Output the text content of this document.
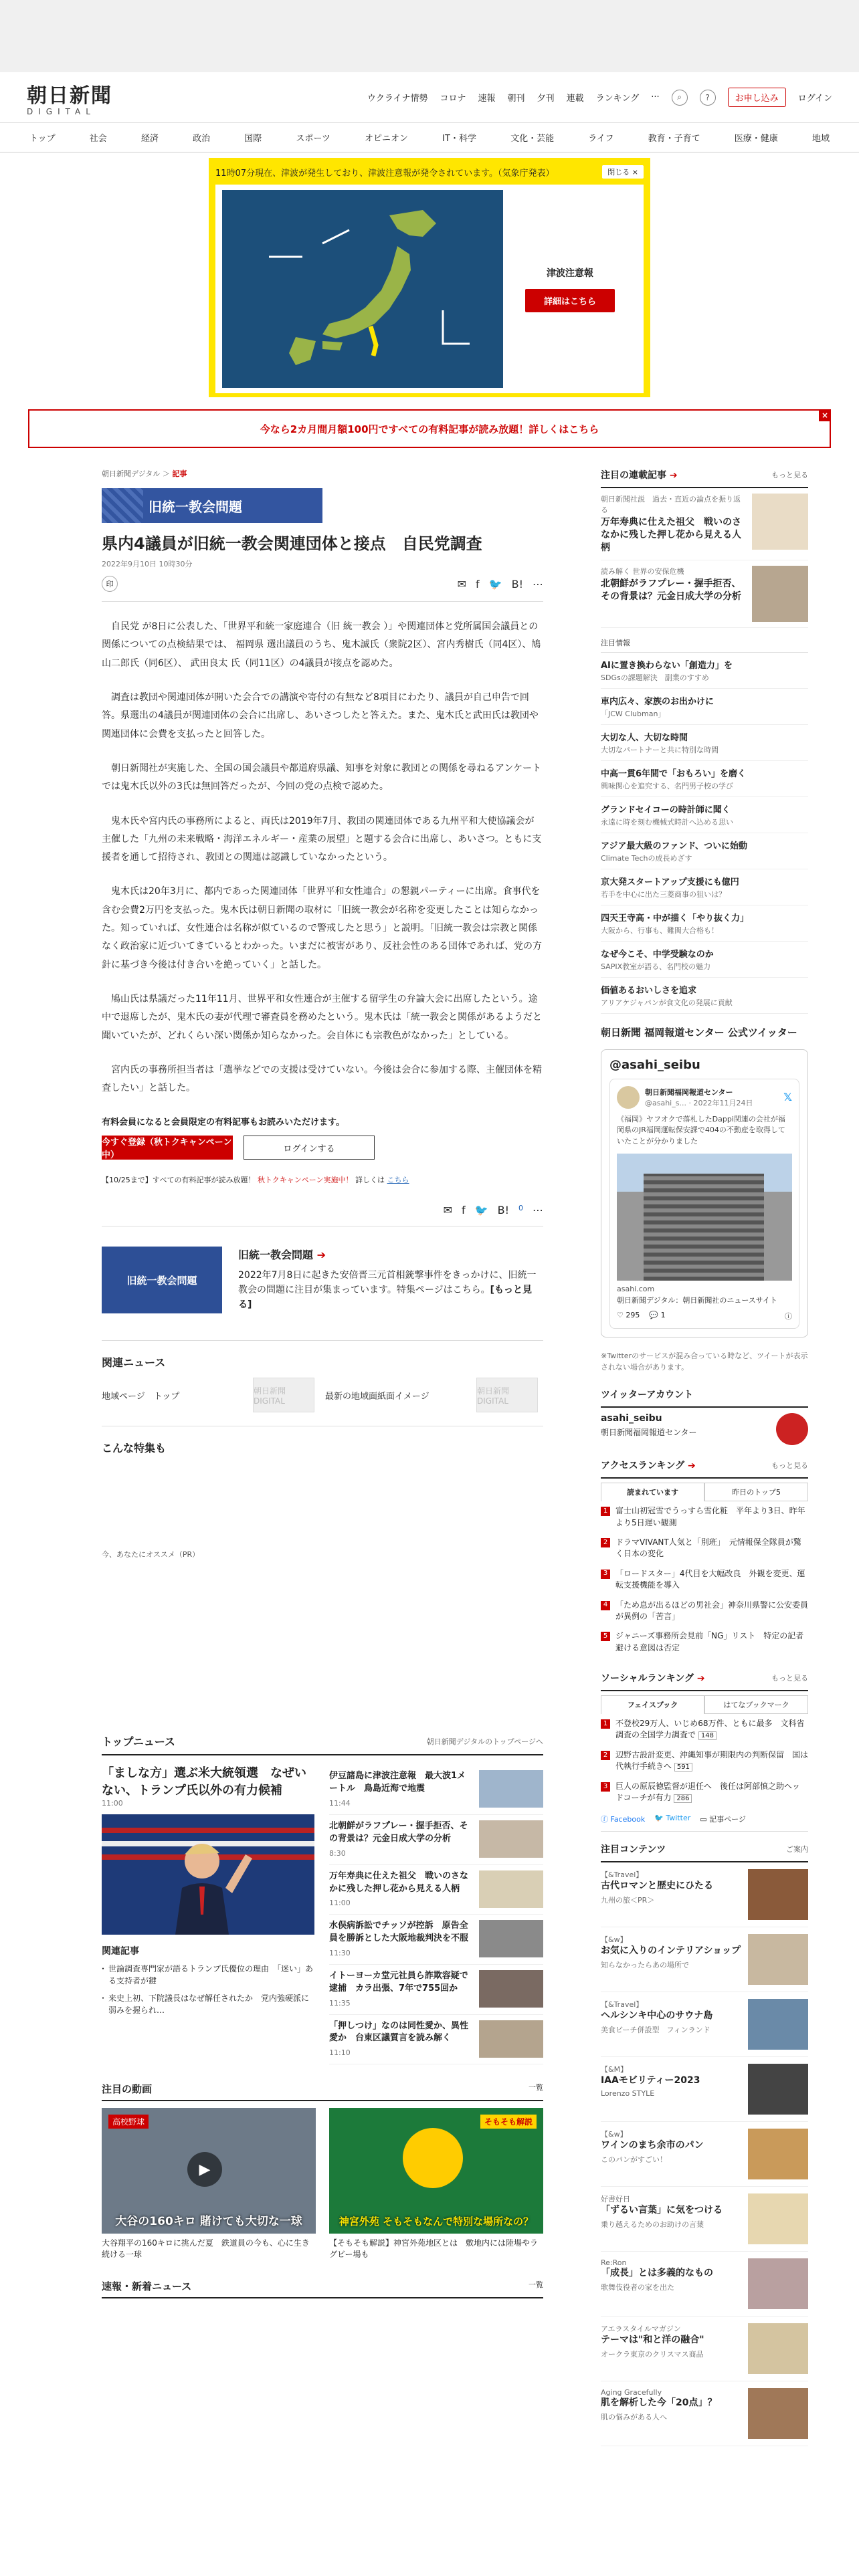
朝日新聞
DIGITAL
ウクライナ情勢 コロナ 速報 朝刊 夕刊 連載 ランキング ···	⌕	?	お申し込み	ログイン
トップ	社会	経済	政治	国際	スポーツ	オピニオン	IT・科学	文化・芸能	ライフ	教育・子育て	医療・健康	地域
11時07分現在、津波が発生しており、津波注意報が発令されています。（気象庁発表）	閉じる ×
津波注意報
詳細はこちら
今なら2カ月間月額100円ですべての有料記事が読み放題！詳しくはこちら
×
朝日新聞デジタル ＞ 記事
旧統一教会問題
県内4議員が旧統一教会関連団体と接点　自民党調査
2022年9月10日 10時30分
印	✉ f 🐦 B! ⋯

自民党 が8日に公表した、「世界平和統一家庭連合（旧 統一教会 ）」や関連団体と党所属国会議員との関係についての点検結果では、 福岡県 選出議員のうち、鬼木誠氏（衆院2区）、宮内秀樹氏（同4区）、鳩山二郎氏（同6区）、 武田良太 氏（同11区）の4議員が接点を認めた。

調査は教団や関連団体が開いた会合での講演や寄付の有無など8項目にわたり、議員が自己申告で回答。県選出の4議員が関連団体の会合に出席し、あいさつしたと答えた。また、鬼木氏と武田氏は教団や関連団体に会費を支払ったと回答した。

朝日新聞社が実施した、全国の国会議員や都道府県議、知事を対象に教団との関係を尋ねるアンケートでは鬼木氏以外の3氏は無回答だったが、今回の党の点検で認めた。

鬼木氏や宮内氏の事務所によると、両氏は2019年7月、教団の関連団体である九州平和大使協議会が主催した「九州の未来戦略・海洋エネルギー・産業の展望」と題する会合に出席し、あいさつ。ともに支援者を通して招待され、教団との関連は認識していなかったという。

鬼木氏は20年3月に、都内であった関連団体「世界平和女性連合」の懇親パーティーに出席。食事代を含む会費2万円を支払った。鬼木氏は朝日新聞の取材に「旧統一教会が名称を変更したことは知らなかった。知っていれば、女性連合は名称が似ているので警戒したと思う」と説明。「旧統一教会は宗教と関係なく政治家に近づいてきているとわかった。いまだに被害があり、反社会性のある団体であれば、党の方針に基づき今後は付き合いを絶っていく」と話した。

鳩山氏は県議だった11年11月、世界平和女性連合が主催する留学生の弁論大会に出席したという。途中で退席したが、鬼木氏の妻が代理で審査員を務めたという。鬼木氏は「統一教会と関係があるようだと聞いていたが、どれくらい深い関係か知らなかった。会自体にも宗教色がなかった」としている。

宮内氏の事務所担当者は「選挙などでの支援は受けていない。今後は会合に参加する際、主催団体を精査したい」と話した。

有料会員になると会員限定の有料記事もお読みいただけます。
今すぐ登録（秋トクキャンペーン中）
ログインする
【10/25まで】すべての有料記事が読み放題！ 秋トクキャンペーン実施中！ 詳しくは こちら
✉ f 🐦 B! 0 ⋯
旧統一教会問題
旧統一教会問題 ➔
2022年7月8日に起きた安倍晋三元首相銃撃事件をきっかけに、旧統一教会の問題に注目が集まっています。特集ページはこちら。[もっと見る]
関連ニュース
地域ページ　トップ
朝日新聞 DIGITAL	最新の地域面紙面イメージ
朝日新聞 DIGITAL
こんな特集も
今、あなたにオススメ（PR）
トップニュース	朝日新聞デジタルのトップページへ
「ましな方」選ぶ米大統領選　なぜいない、トランプ氏以外の有力候補
11:00
関連記事
・ 世論調査専門家が語るトランプ氏優位の理由　「迷い」ある支持者が鍵
・ 来史上初、下院議長はなぜ解任されたか　党内強硬派に弱みを握られ…
伊豆諸島に津波注意報　最大波1メートル　鳥島近海で地震
11:44
北朝鮮がラフプレー・握手拒否、その背景は？元金日成大学の分析
8:30
万年寿典に仕えた祖父　戦いのさなかに残した押し花から見える人柄
11:00
水俣病訴訟でチッソが控訴　原告全員を勝訴とした大阪地裁判決を不服
11:30
イトーヨーカ堂元社員ら詐欺容疑で逮捕　カラ出張、7年で755回か
11:35
「押しつけ」なのは同性愛か、異性愛か　台東区議質言を読み解く
11:10
注目の動画	一覧
高校野球
▶
大谷の160キロ 賭けても大切な一球
大谷翔平の160キロに挑んだ夏　鉄道員の今も、心に生き続ける一球
そもそも解説
神宮外苑 そもそもなんで特別な場所なの？
【そもそも解説】神宮外苑地区とは　敷地内には陸場やラグビー場も
速報・新着ニュース	一覧
注目の連載記事 ➔	もっと見る
朝日新聞社説　過去・直近の論点を振り返る
万年寿典に仕えた祖父　戦いのさなかに残した押し花から見える人柄
読み解く 世界の安保危機
北朝鮮がラフプレー・握手拒否、その背景は？元金日成大学の分析
注目情報
AIに置き換わらない「創造力」を
SDGsの課題解決　副業のすすめ
車内広々、家族のお出かけに
「JCW Clubman」
大切な人、大切な時間
大切なパートナーと共に特別な時間
中高一貫6年間で「おもろい」を磨く
興味関心を追究する、名門男子校の学び
グランドセイコーの時計師に聞く
永遠に時を刻む機械式時計へ込める思い
アジア最大級のファンド、ついに始動
Climate Techの成長めざす
京大発スタートアップ支援にも億円
若手を中心に出た三菱商事の狙いは？
四天王寺高・中が描く「やり抜く力」
大阪から、行事も、難関大合格も！
なぜ今こそ、中学受験なのか
SAPIX教室が語る、名門校の魅力
価値あるおいしさを追求
アリアケジャパンが食文化の発展に貢献
朝日新聞 福岡報道センター 公式ツイッター
@asahi_seibu
朝日新聞福岡報道センター
@asahi_s... · 2022年11月24日	𝕏
《福岡》ヤフオクで落札したDappi関連の会社が福岡県のJR福岡運転保安課で404の不動産を取得していたことが分かりました
asahi.com
朝日新聞デジタル：朝日新聞社のニュースサイト
♡ 295 💬 1	ⓘ
※Twitterのサービスが混み合っている時など、ツイートが表示されない場合があります。
ツイッターアカウント
asahi_seibu
朝日新聞福岡報道センター
アクセスランキング ➔	もっと見る
読まれています	昨日のトップ5
1 富士山初冠雪でうっすら雪化粧　平年より3日、昨年より5日遅い観測
2 ドラマVIVANT人気と「別班」　元情報保全隊員が驚く日本の変化
3 「ロードスター」4代目を大幅改良　外観を変更、運転支援機能を導入
4 「ため息が出るほどの男社会」神奈川県警に公安委員が異例の「苦言」
5 ジャニーズ事務所会見前「NG」リスト　特定の記者避ける意図は否定
ソーシャルランキング ➔	もっと見る
フェイスブック	はてなブックマーク
1 不登校29万人、いじめ68万件、ともに最多　文科省調査の全国学力調査で 148
2 辺野古設計変更、沖縄知事が期限内の判断保留　国は代執行手続きへ 591
3 巨人の原辰徳監督が退任へ　後任は阿部慎之助ヘッドコーチが有力 286
ⓕ Facebook 🐦 Twitter ▭ 記事ページ
注目コンテンツ	ご案内
【&Travel】
古代ロマンと歴史にひたる
九州の旅＜PR＞
【&w】
お気に入りのインテリアショップ
知らなかったらあの場所で
【&Travel】
ヘルシンキ中心のサウナ島
美食ビーチ併設型　フィンランド
【&M】
IAAモビリティー2023
Lorenzo STYLE
【&w】
ワインのまち余市のパン
このパンがすごい！
好書好日
「ずるい言葉」に気をつける
乗り越えるためのお助けの言葉
Re:Ron
「成長」とは多義的なもの
歌舞伎役者の家を出た
アエラスタイルマガジン
テーマは"和と洋の融合"
オークラ東京のクリスマス商品
Aging Gracefully
肌を解析した今「20点」？
肌の悩みがある人へ
